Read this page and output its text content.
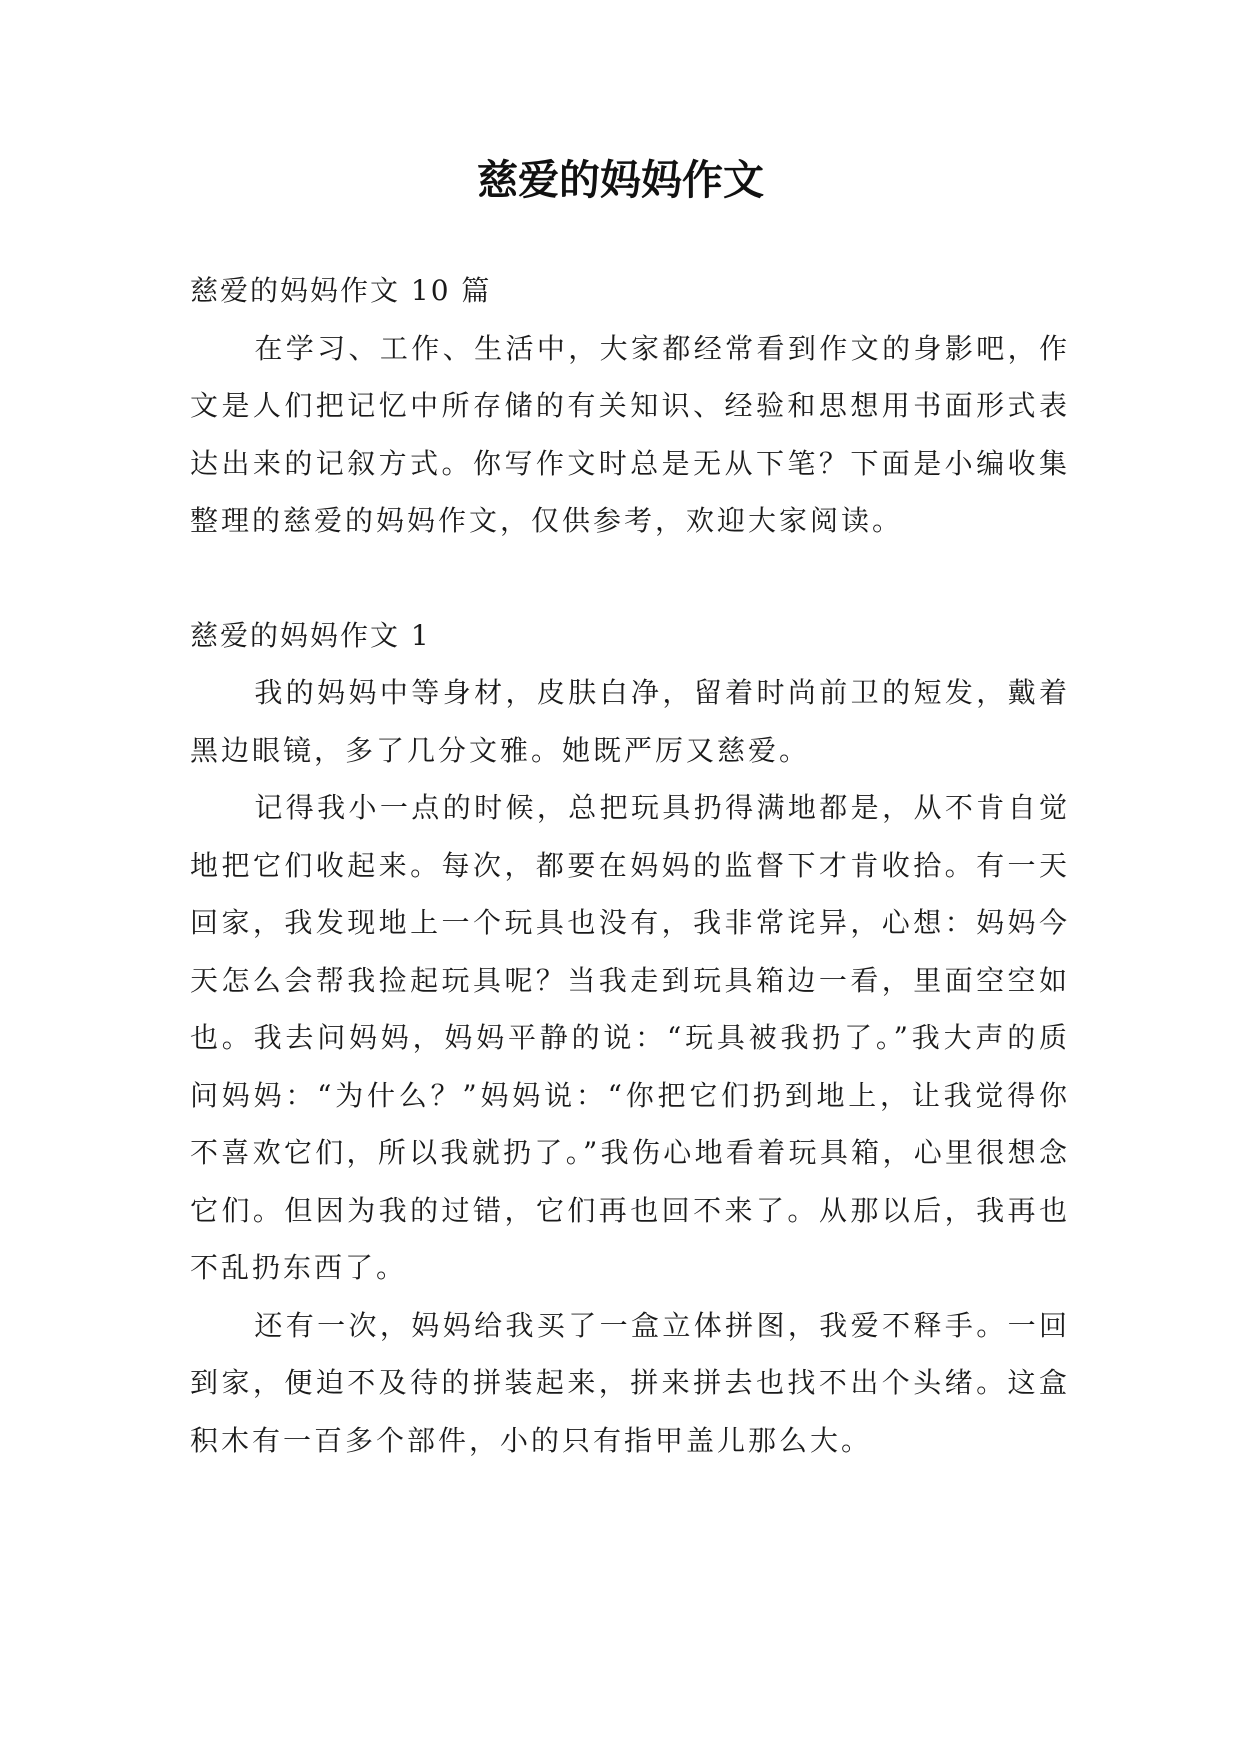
慈爱的妈妈作文

慈爱的妈妈作文 10 篇

在学习、工作、生活中，大家都经常看到作文的身影吧，作文是人们把记忆中所存储的有关知识、经验和思想用书面形式表达出来的记叙方式。你写作文时总是无从下笔？下面是小编收集整理的慈爱的妈妈作文，仅供参考，欢迎大家阅读。

慈爱的妈妈作文 1

我的妈妈中等身材，皮肤白净，留着时尚前卫的短发，戴着黑边眼镜，多了几分文雅。她既严厉又慈爱。

记得我小一点的时候，总把玩具扔得满地都是，从不肯自觉地把它们收起来。每次，都要在妈妈的监督下才肯收拾。有一天回家，我发现地上一个玩具也没有，我非常诧异，心想：妈妈今天怎么会帮我捡起玩具呢？当我走到玩具箱边一看，里面空空如也。我去问妈妈，妈妈平静的说：“玩具被我扔了。”我大声的质问妈妈：“为什么？”妈妈说：“你把它们扔到地上，让我觉得你不喜欢它们，所以我就扔了。”我伤心地看着玩具箱，心里很想念它们。但因为我的过错，它们再也回不来了。从那以后，我再也不乱扔东西了。

还有一次，妈妈给我买了一盒立体拼图，我爱不释手。一回到家，便迫不及待的拼装起来，拼来拼去也找不出个头绪。这盒积木有一百多个部件，小的只有指甲盖儿那么大。
